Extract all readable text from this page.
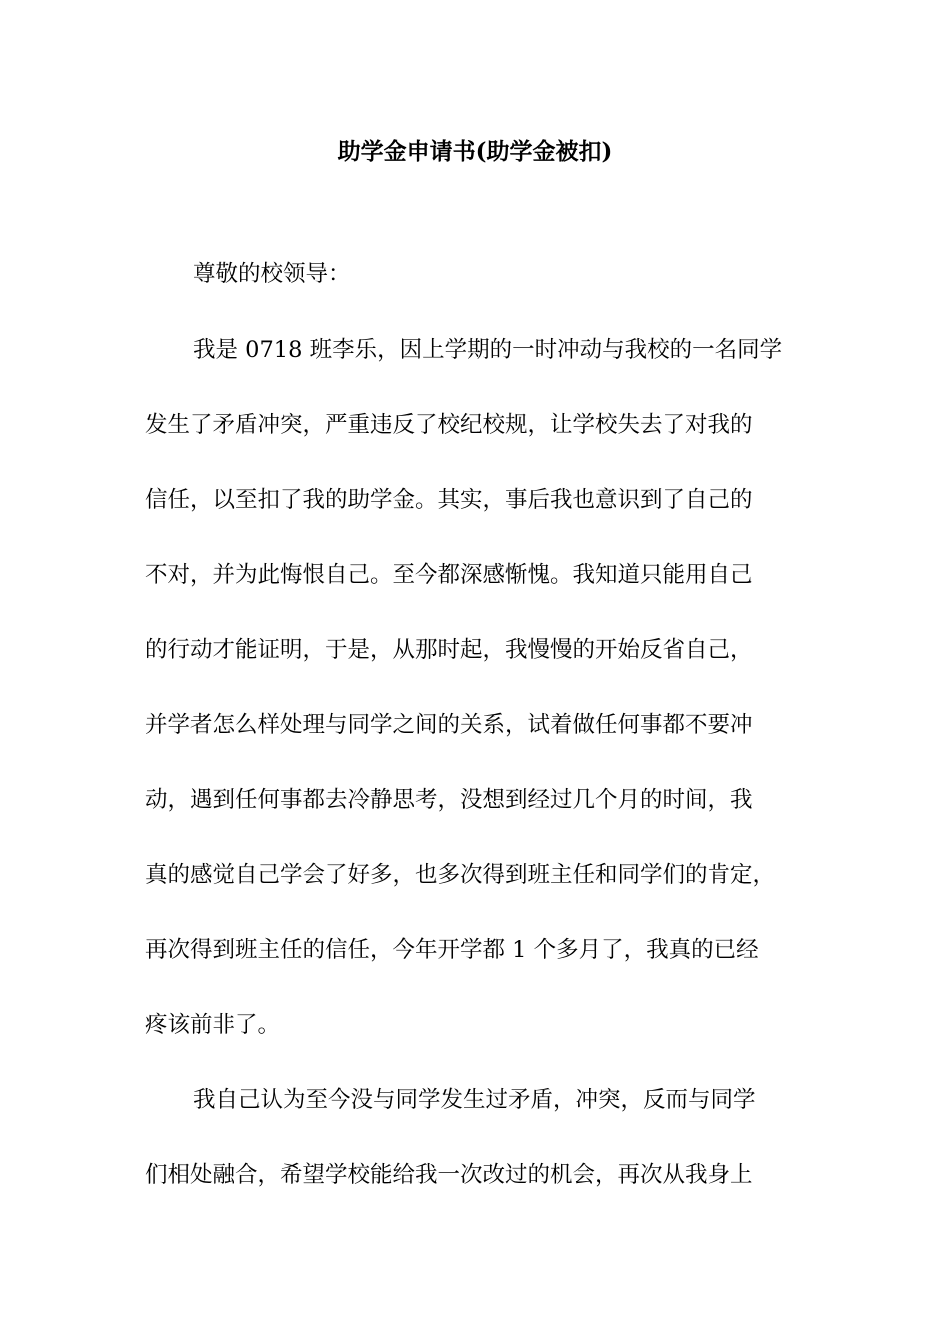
助学金申请书(助学金被扣)
尊敬的校领导：
我是 0718 班李乐，因上学期的一时冲动与我校的一名同学
发生了矛盾冲突，严重违反了校纪校规，让学校失去了对我的
信任，以至扣了我的助学金。其实，事后我也意识到了自己的
不对，并为此悔恨自己。至今都深感惭愧。我知道只能用自己
的行动才能证明，于是，从那时起，我慢慢的开始反省自己，
并学者怎么样处理与同学之间的关系，试着做任何事都不要冲
动，遇到任何事都去冷静思考，没想到经过几个月的时间，我
真的感觉自己学会了好多，也多次得到班主任和同学们的肯定，
再次得到班主任的信任，今年开学都 1 个多月了，我真的已经
疼该前非了。
我自己认为至今没与同学发生过矛盾，冲突，反而与同学
们相处融合，希望学校能给我一次改过的机会，再次从我身上
